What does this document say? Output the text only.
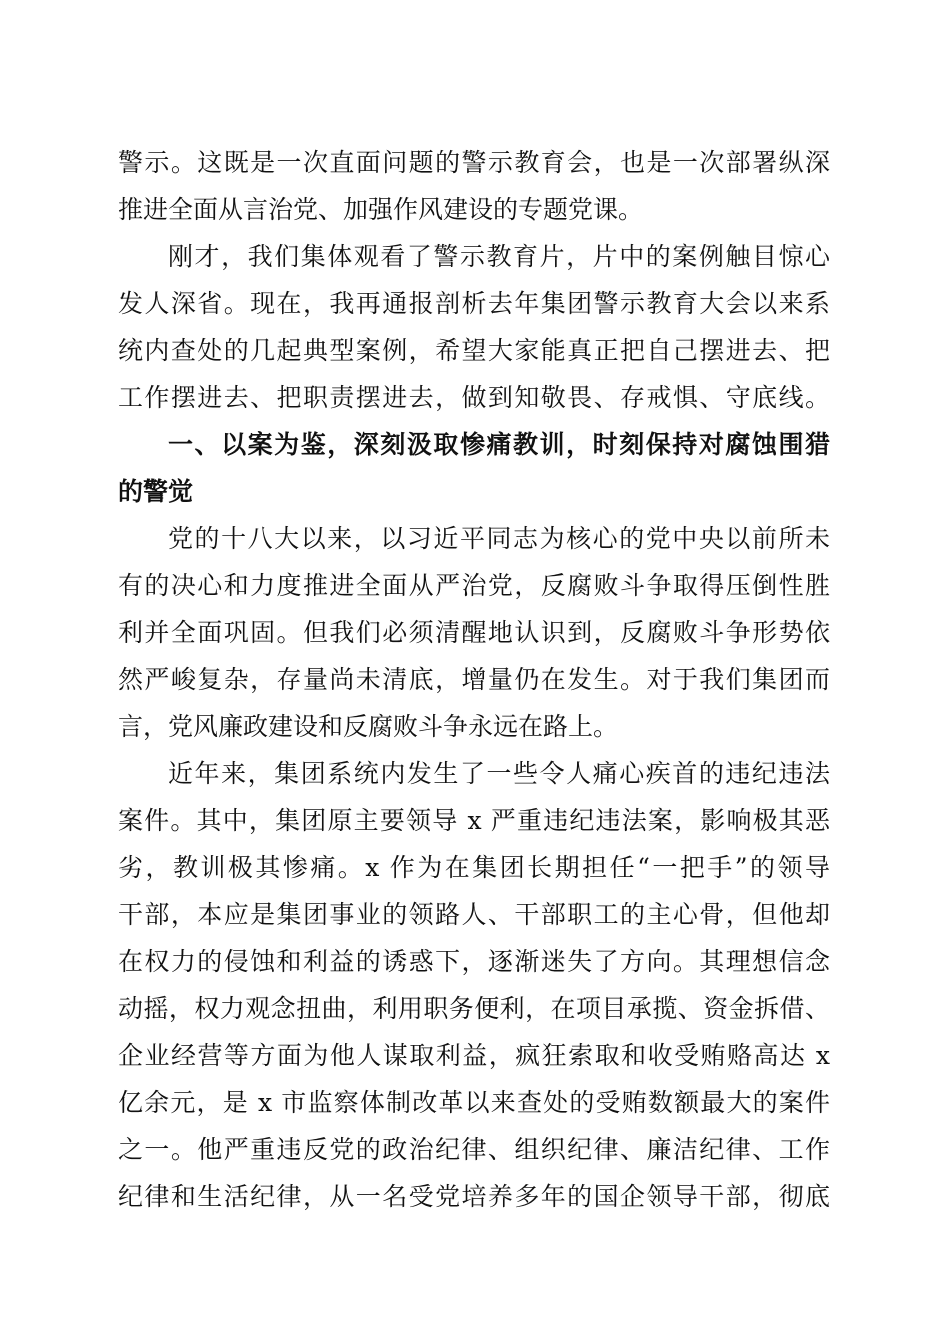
警示。这既是一次直面问题的警示教育会，也是一次部署纵深
推进全面从言治党、加强作风建设的专题党课。
刚才，我们集体观看了警示教育片，片中的案例触目惊心
发人深省。现在，我再通报剖析去年集团警示教育大会以来系
统内查处的几起典型案例，希望大家能真正把自己摆进去、把
工作摆进去、把职责摆进去，做到知敬畏、存戒惧、守底线。
一、以案为鉴，深刻汲取惨痛教训，时刻保持对腐蚀围猎
的警觉
党的十八大以来，以习近平同志为核心的党中央以前所未
有的决心和力度推进全面从严治党，反腐败斗争取得压倒性胜
利并全面巩固。但我们必须清醒地认识到，反腐败斗争形势依
然严峻复杂，存量尚未清底，增量仍在发生。对于我们集团而
言，党风廉政建设和反腐败斗争永远在路上。
近年来，集团系统内发生了一些令人痛心疾首的违纪违法
案件。其中，集团原主要领导 x 严重违纪违法案，影响极其恶
劣，教训极其惨痛。x 作为在集团长期担任“一把手”的领导
干部，本应是集团事业的领路人、干部职工的主心骨，但他却
在权力的侵蚀和利益的诱惑下，逐渐迷失了方向。其理想信念
动摇，权力观念扭曲，利用职务便利，在项目承揽、资金拆借、
企业经营等方面为他人谋取利益，疯狂索取和收受贿赂高达 x
亿余元，是 x 市监察体制改革以来查处的受贿数额最大的案件
之一。他严重违反党的政治纪律、组织纪律、廉洁纪律、工作
纪律和生活纪律，从一名受党培养多年的国企领导干部，彻底
